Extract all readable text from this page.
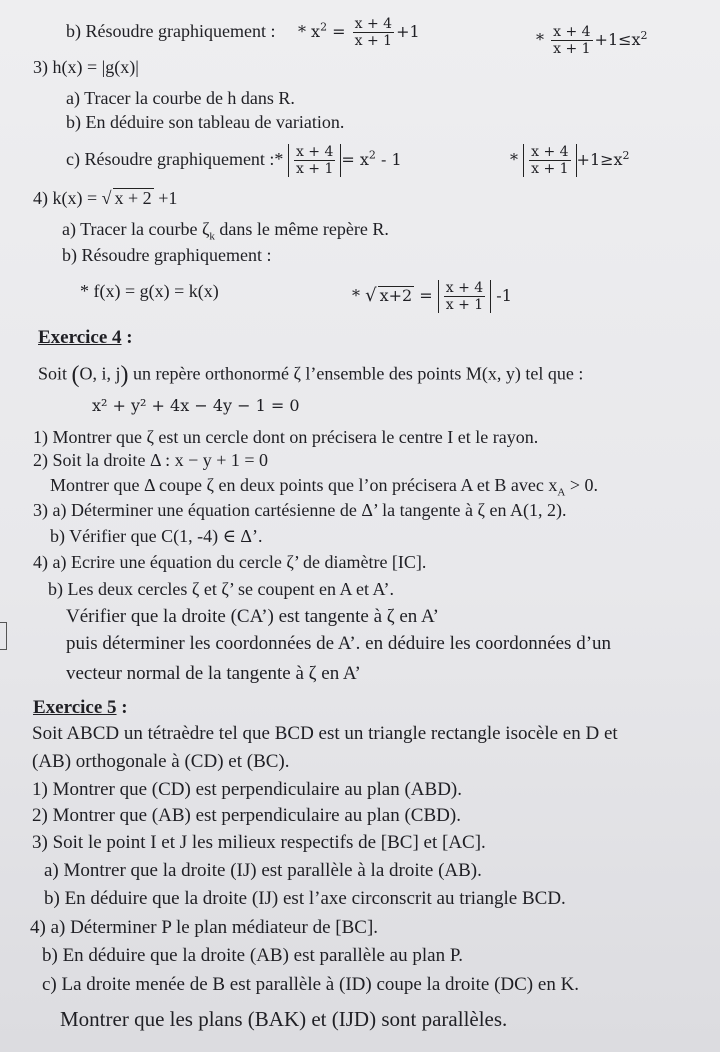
b) Résoudre graphiquement : * $x^2 = \frac{x + 4}{x + 1} +1$	* $\frac{x + 4}{x + 1} +1\le x^2$
3) h(x) = |g(x)|
a) Tracer la courbe de h dans R.
b) En déduire son tableau de variation.
c) Résoudre graphiquement :* $\frac{x + 4}{x + 1} = x^2 - 1$	* $\frac{x + 4}{x + 1} +1\ge x^2$
4) k(x) = √ x + 2 +1
a) Tracer la courbe $\zeta_k$ dans le même repère R.
b) Résoudre graphiquement :
* f(x) = g(x) = k(x)	* √ $x+2 = \frac{x + 4}{x + 1} -1$
Exercice 4 :
Soit (O, i, j) un repère orthonormé ζ l’ensemble des points M(x, y) tel que :
x² + y² + 4x − 4y − 1 = 0
1) Montrer que ζ est un cercle dont on précisera le centre I et le rayon.
2) Soit la droite Δ : x − y + 1 = 0
Montrer que Δ coupe ζ en deux points que l’on précisera A et B avec $x_A > 0$.
3) a) Déterminer une équation cartésienne de Δ’ la tangente à ζ en A(1, 2).
b) Vérifier que C(1, -4) ∈ Δ’.
4) a) Ecrire une équation du cercle ζ’ de diamètre [IC].
b) Les deux cercles ζ et ζ’ se coupent en A et A’.
Vérifier que la droite (CA’) est tangente à ζ en A’
puis déterminer les coordonnées de A’. en déduire les coordonnées d’un
vecteur normal de la tangente à ζ en A’
Exercice 5 :
Soit ABCD un tétraèdre tel que BCD est un triangle rectangle isocèle en D et
(AB) orthogonale à (CD) et (BC).
1) Montrer que (CD) est perpendiculaire au plan (ABD).
2) Montrer que (AB) est perpendiculaire au plan (CBD).
3) Soit le point I et J les milieux respectifs de [BC] et [AC].
a) Montrer que la droite (IJ) est parallèle à la droite (AB).
b) En déduire que la droite (IJ) est l’axe circonscrit au triangle BCD.
4) a) Déterminer P le plan médiateur de [BC].
b) En déduire que la droite (AB) est parallèle au plan P.
c) La droite menée de B est parallèle à (ID) coupe la droite (DC) en K.
Montrer que les plans (BAK) et (IJD) sont parallèles.
